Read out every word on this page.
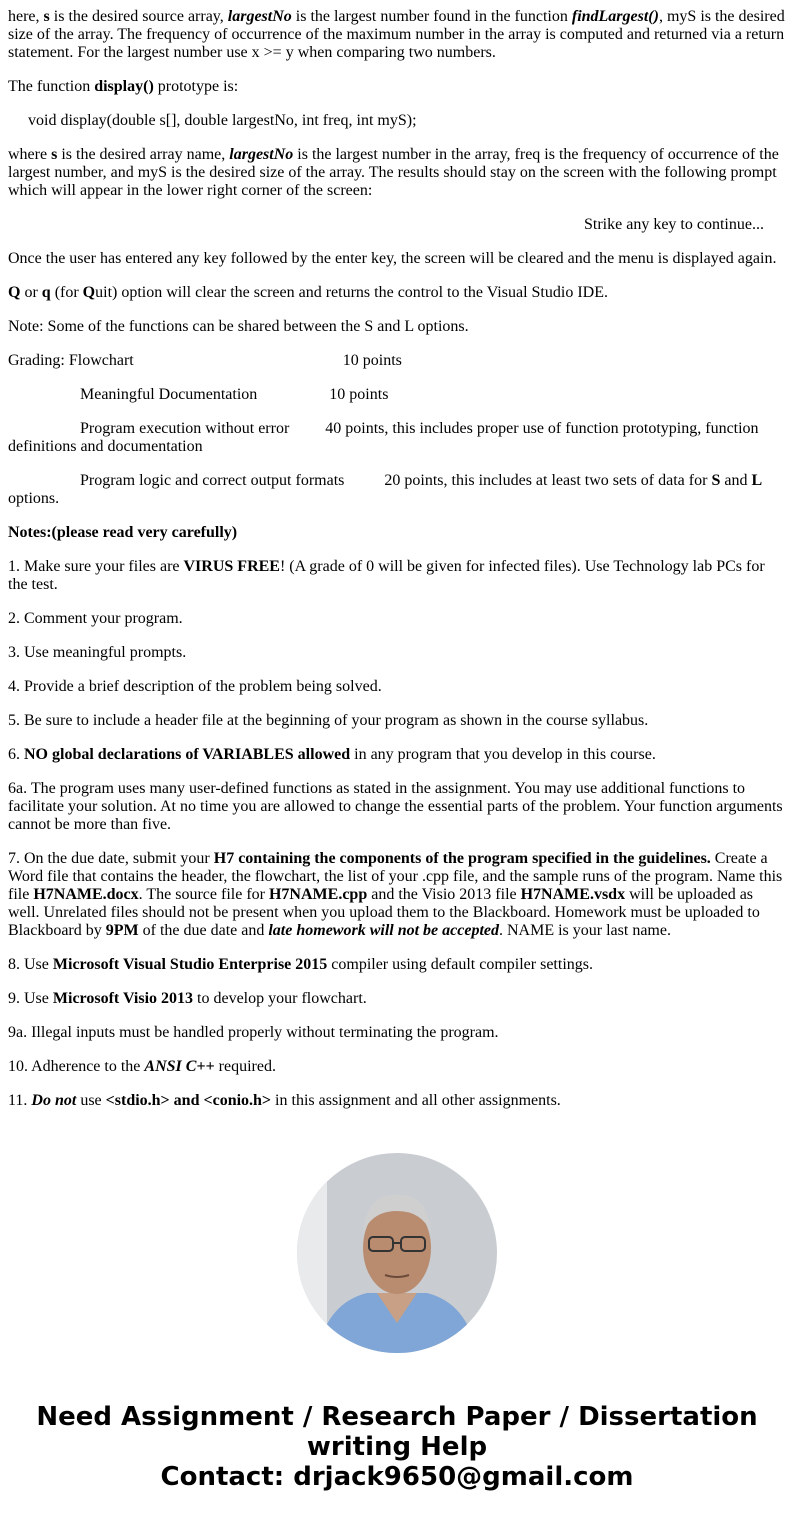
here, s is the desired source array, largestNo is the largest number found in the function findLargest(), myS is the desired size of the array. The frequency of occurrence of the maximum number in the array is computed and returned via a return statement. For the largest number use x >= y when comparing two numbers.

The function display() prototype is:

void display(double s[], double largestNo, int freq, int myS);

where s is the desired array name, largestNo is the largest number in the array, freq is the frequency of occurrence of the largest number, and myS is the desired size of the array. The results should stay on the screen with the following prompt which will appear in the lower right corner of the screen:

Strike any key to continue...

Once the user has entered any key followed by the enter key, the screen will be cleared and the menu is displayed again.

Q or q (for Quit) option will clear the screen and returns the control to the Visual Studio IDE.

Note: Some of the functions can be shared between the S and L options.

Grading: Flowchart	10 points

Meaningful Documentation	10 points

Program execution without error 40 points, this includes proper use of function prototyping, function definitions and documentation

Program logic and correct output formats	20 points, this includes at least two sets of data for S and L options.

Notes:(please read very carefully)

1. Make sure your files are VIRUS FREE! (A grade of 0 will be given for infected files). Use Technology lab PCs for the test.

2. Comment your program.

3. Use meaningful prompts.

4. Provide a brief description of the problem being solved.

5. Be sure to include a header file at the beginning of your program as shown in the course syllabus.

6. NO global declarations of VARIABLES allowed in any program that you develop in this course.

6a. The program uses many user-defined functions as stated in the assignment. You may use additional functions to facilitate your solution. At no time you are allowed to change the essential parts of the problem. Your function arguments cannot be more than five.

7. On the due date, submit your H7 containing the components of the program specified in the guidelines. Create a Word file that contains the header, the flowchart, the list of your .cpp file, and the sample runs of the program. Name this file H7NAME.docx. The source file for H7NAME.cpp and the Visio 2013 file H7NAME.vsdx will be uploaded as well. Unrelated files should not be present when you upload them to the Blackboard. Homework must be uploaded to Blackboard by 9PM of the due date and late homework will not be accepted. NAME is your last name.

8. Use Microsoft Visual Studio Enterprise 2015 compiler using default compiler settings.

9. Use Microsoft Visio 2013 to develop your flowchart.

9a. Illegal inputs must be handled properly without terminating the program.

10. Adherence to the ANSI C++ required.

11. Do not use <stdio.h> and <conio.h> in this assignment and all other assignments.

Need Assignment / Research Paper / Dissertation writing Help
Contact: drjack9650@gmail.com
